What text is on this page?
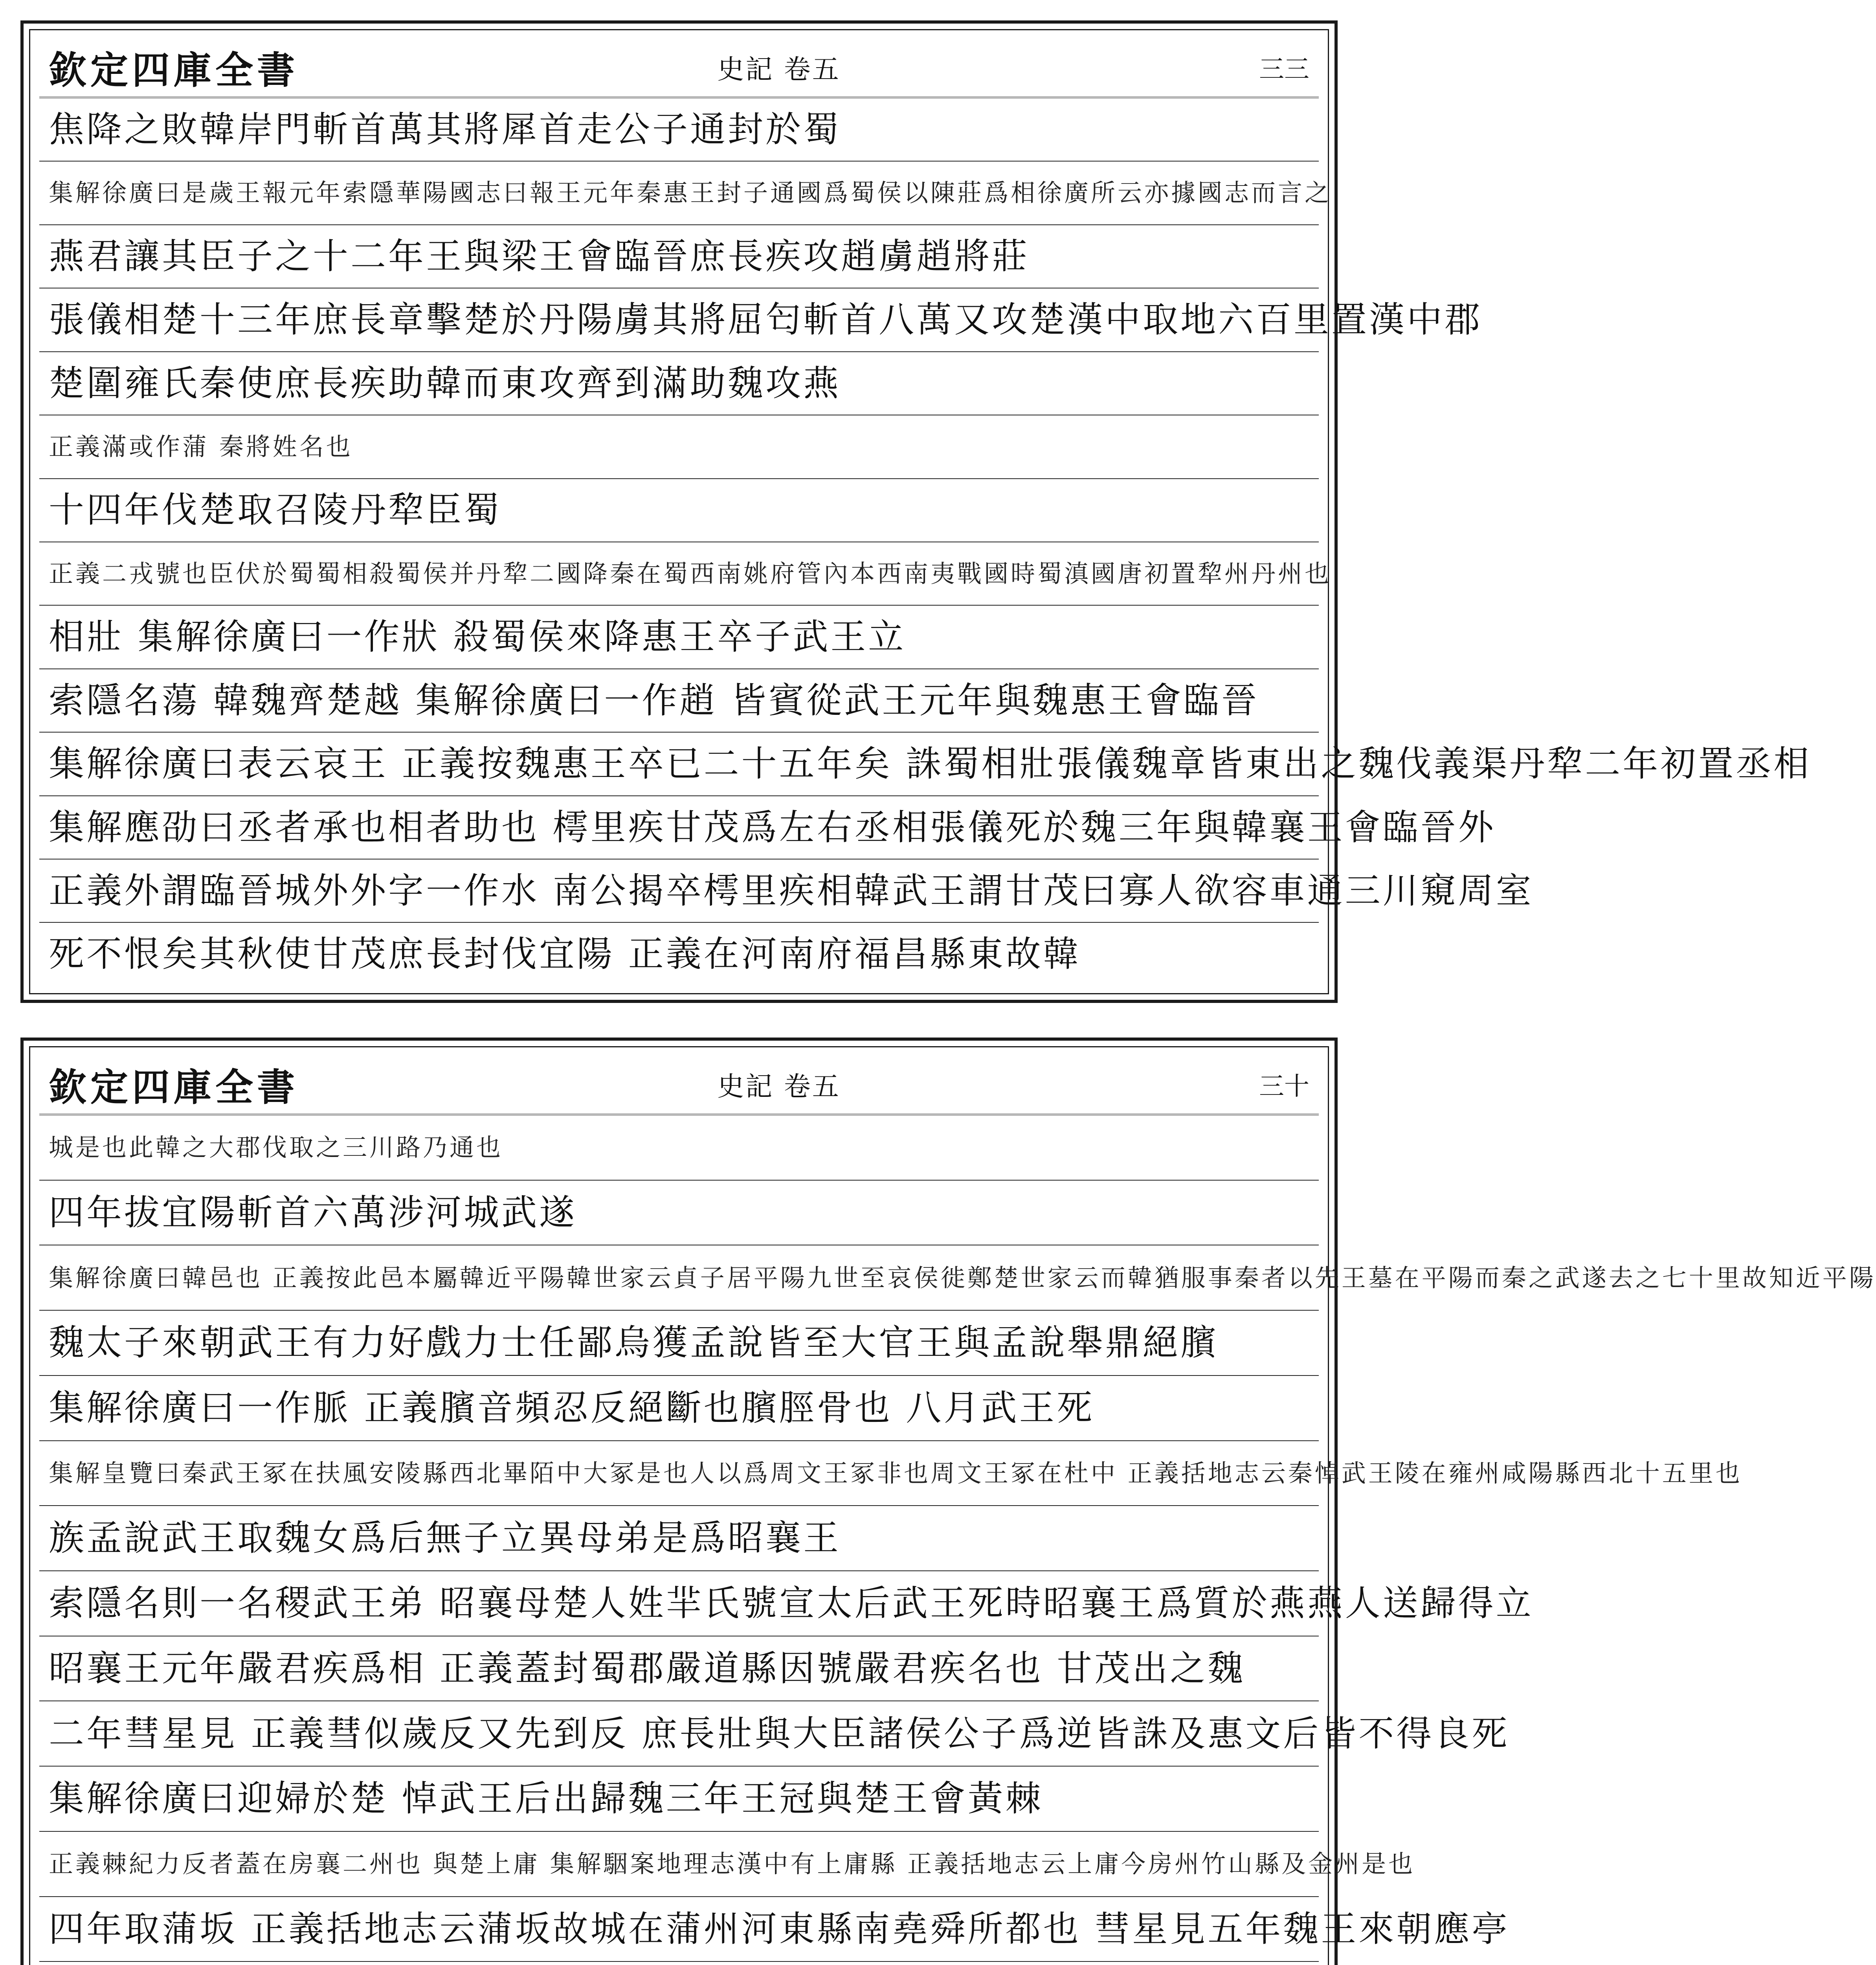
欽定四庫全書	史記 卷五	三三
焦降之敗韓岸門斬首萬其將犀首走公子通封於蜀
集解徐廣曰是歲王報元年索隱華陽國志曰報王元年秦惠王封子通國爲蜀侯以陳莊爲相徐廣所云亦據國志而言之
燕君讓其臣子之十二年王與梁王會臨晉庶長疾攻趙虜趙將莊
張儀相楚十三年庶長章擊楚於丹陽虜其將屈匄斬首八萬又攻楚漢中取地六百里置漢中郡
楚圍雍氏秦使庶長疾助韓而東攻齊到滿助魏攻燕
正義滿或作蒲 秦將姓名也
十四年伐楚取召陵丹犂臣蜀
正義二戎號也臣伏於蜀蜀相殺蜀侯并丹犂二國降秦在蜀西南姚府管內本西南夷戰國時蜀滇國唐初置犂州丹州也
相壯 集解徐廣曰一作狀 殺蜀侯來降惠王卒子武王立
索隱名蕩 韓魏齊楚越 集解徐廣曰一作趙 皆賓從武王元年與魏惠王會臨晉
集解徐廣曰表云哀王 正義按魏惠王卒已二十五年矣 誅蜀相壯張儀魏章皆東出之魏伐義渠丹犂二年初置丞相
集解應劭曰丞者承也相者助也 樗里疾甘茂爲左右丞相張儀死於魏三年與韓襄王會臨晉外
正義外謂臨晉城外外字一作水 南公揭卒樗里疾相韓武王謂甘茂曰寡人欲容車通三川窺周室
死不恨矣其秋使甘茂庶長封伐宜陽 正義在河南府福昌縣東故韓
欽定四庫全書	史記 卷五	三十
城是也此韓之大郡伐取之三川路乃通也
四年拔宜陽斬首六萬涉河城武遂
集解徐廣曰韓邑也 正義按此邑本屬韓近平陽韓世家云貞子居平陽九世至哀侯徙鄭楚世家云而韓猶服事秦者以先王墓在平陽而秦之武遂去之七十里故知近平陽
魏太子來朝武王有力好戲力士任鄙烏獲孟說皆至大官王與孟說舉鼎絕臏
集解徐廣曰一作脈 正義臏音頻忍反絕斷也臏脛骨也 八月武王死
集解皇覽曰秦武王冢在扶風安陵縣西北畢陌中大冢是也人以爲周文王冢非也周文王冢在杜中 正義括地志云秦悼武王陵在雍州咸陽縣西北十五里也
族孟說武王取魏女爲后無子立異母弟是爲昭襄王
索隱名則一名稷武王弟 昭襄母楚人姓羋氏號宣太后武王死時昭襄王爲質於燕燕人送歸得立
昭襄王元年嚴君疾爲相 正義蓋封蜀郡嚴道縣因號嚴君疾名也 甘茂出之魏
二年彗星見 正義彗似歲反又先到反 庶長壯與大臣諸侯公子爲逆皆誅及惠文后皆不得良死
集解徐廣曰迎婦於楚 悼武王后出歸魏三年王冠與楚王會黃棘
正義棘紀力反者蓋在房襄二州也 與楚上庸 集解駰案地理志漢中有上庸縣 正義括地志云上庸今房州竹山縣及金州是也
四年取蒲坂 正義括地志云蒲坂故城在蒲州河東縣南堯舜所都也 彗星見五年魏王來朝應亭
